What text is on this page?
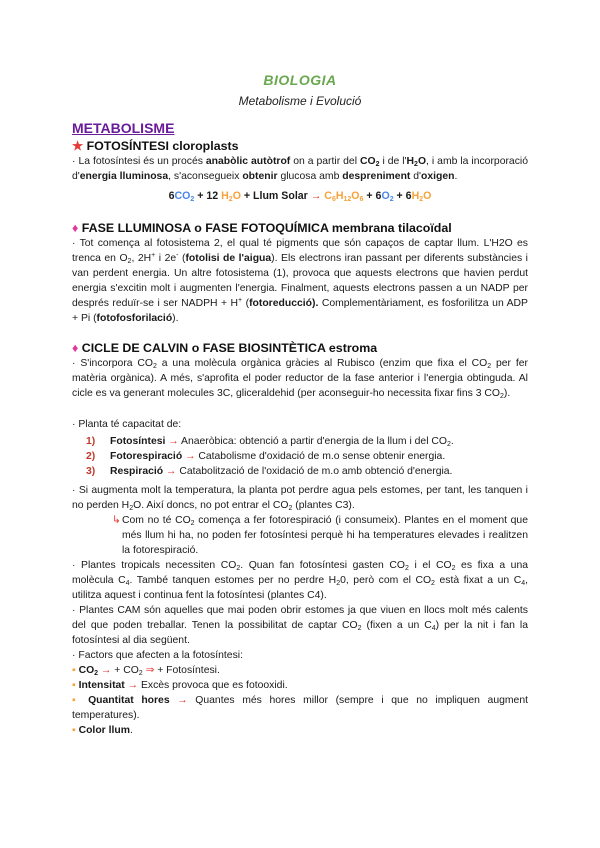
BIOLOGIA
Metabolisme i Evolució
METABOLISME
★ FOTOSÍNTESI cloroplasts

· La fotosíntesi és un procés anabòlic autòtrof on a partir del $CO_2$ i de $l'H_2O$, i amb la incorporació d'energia lluminosa, s'aconsegueix obtenir glucosa amb despreniment d'oxigen.

$6CO_2 + 12$ $H_2O$ + Llum Solar → $C_6H_{12}O_6 + 6O_2 + 6H_2O$
♦ FASE LLUMINOSA o FASE FOTOQUÍMICA membrana tilacoïdal

· Tot comença al fotosistema 2, el qual té pigments que són capaços de captar llum. L'H2O es trenca en $O_2$, 2H+ i 2e- (fotolisi de l'aigua). Els electrons iran passant per diferents substàncies i van perdent energia. Un altre fotosistema (1), provoca que aquests electrons que havien perdut energia s'excitin molt i augmenten l'energia. Finalment, aquests electrons passen a un NADP per després reduïr-se i ser NADPH + H+ (fotoreducció). Complementàriament, es fosforilitza un ADP + Pi (fotofosforilació).

♦ CICLE DE CALVIN o FASE BIOSINTÈTICA estroma

· S'incorpora $CO_2$ a una molècula orgànica gràcies al Rubisco (enzim que fixa el $CO_2$ per fer matèria orgànica). A més, s'aprofita el poder reductor de la fase anterior i l'energia obtinguda. Al cicle es va generant molecules 3C, gliceraldehid (per aconseguir-ho necessita fixar fins 3 $CO_2$).

· Planta té capacitat de:

1) Fotosíntesi → Anaeròbica: obtenció a partir d'energia de la llum i del $CO_2$.
2) Fotorespiració → Catabolisme d'oxidació de m.o sense obtenir energia.
3) Respiració → Catabolització de l'oxidació de m.o amb obtenció d'energia.

· Si augmenta molt la temperatura, la planta pot perdre agua pels estomes, per tant, les tanquen i no perden $H_2O$. Així doncs, no pot entrar el $CO_2$ (plantes C3).

↳ Com no té $CO_2$ comença a fer fotorespiració (i consumeix). Plantes en el moment que més llum hi ha, no poden fer fotosíntesi perquè hi ha temperatures elevades i realitzen la fotorespiració.

· Plantes tropicals necessiten $CO_2$. Quan fan fotosíntesi gasten $CO_2$ i el $CO_2$ es fixa a una molècula $C_4$. També tanquen estomes per no perdre $H_20$, però com el $CO_2$ està fixat a un $C_4$, utilitza aquest i continua fent la fotosíntesi (plantes C4).

· Plantes CAM són aquelles que mai poden obrir estomes ja que viuen en llocs molt més calents del que poden treballar. Tenen la possibilitat de captar $CO_2$ (fixen a un $C_4$) per la nit i fan la fotosíntesi al dia següent.

· Factors que afecten a la fotosíntesi:

▪ $CO_2$ → + $CO_2$ ⇒ + Fotosíntesi.

▪ Intensitat → Excès provoca que es fotooxidi.

▪ Quantitat hores → Quantes més hores millor (sempre i que no impliquen augment temperatures).

▪ Color llum.
